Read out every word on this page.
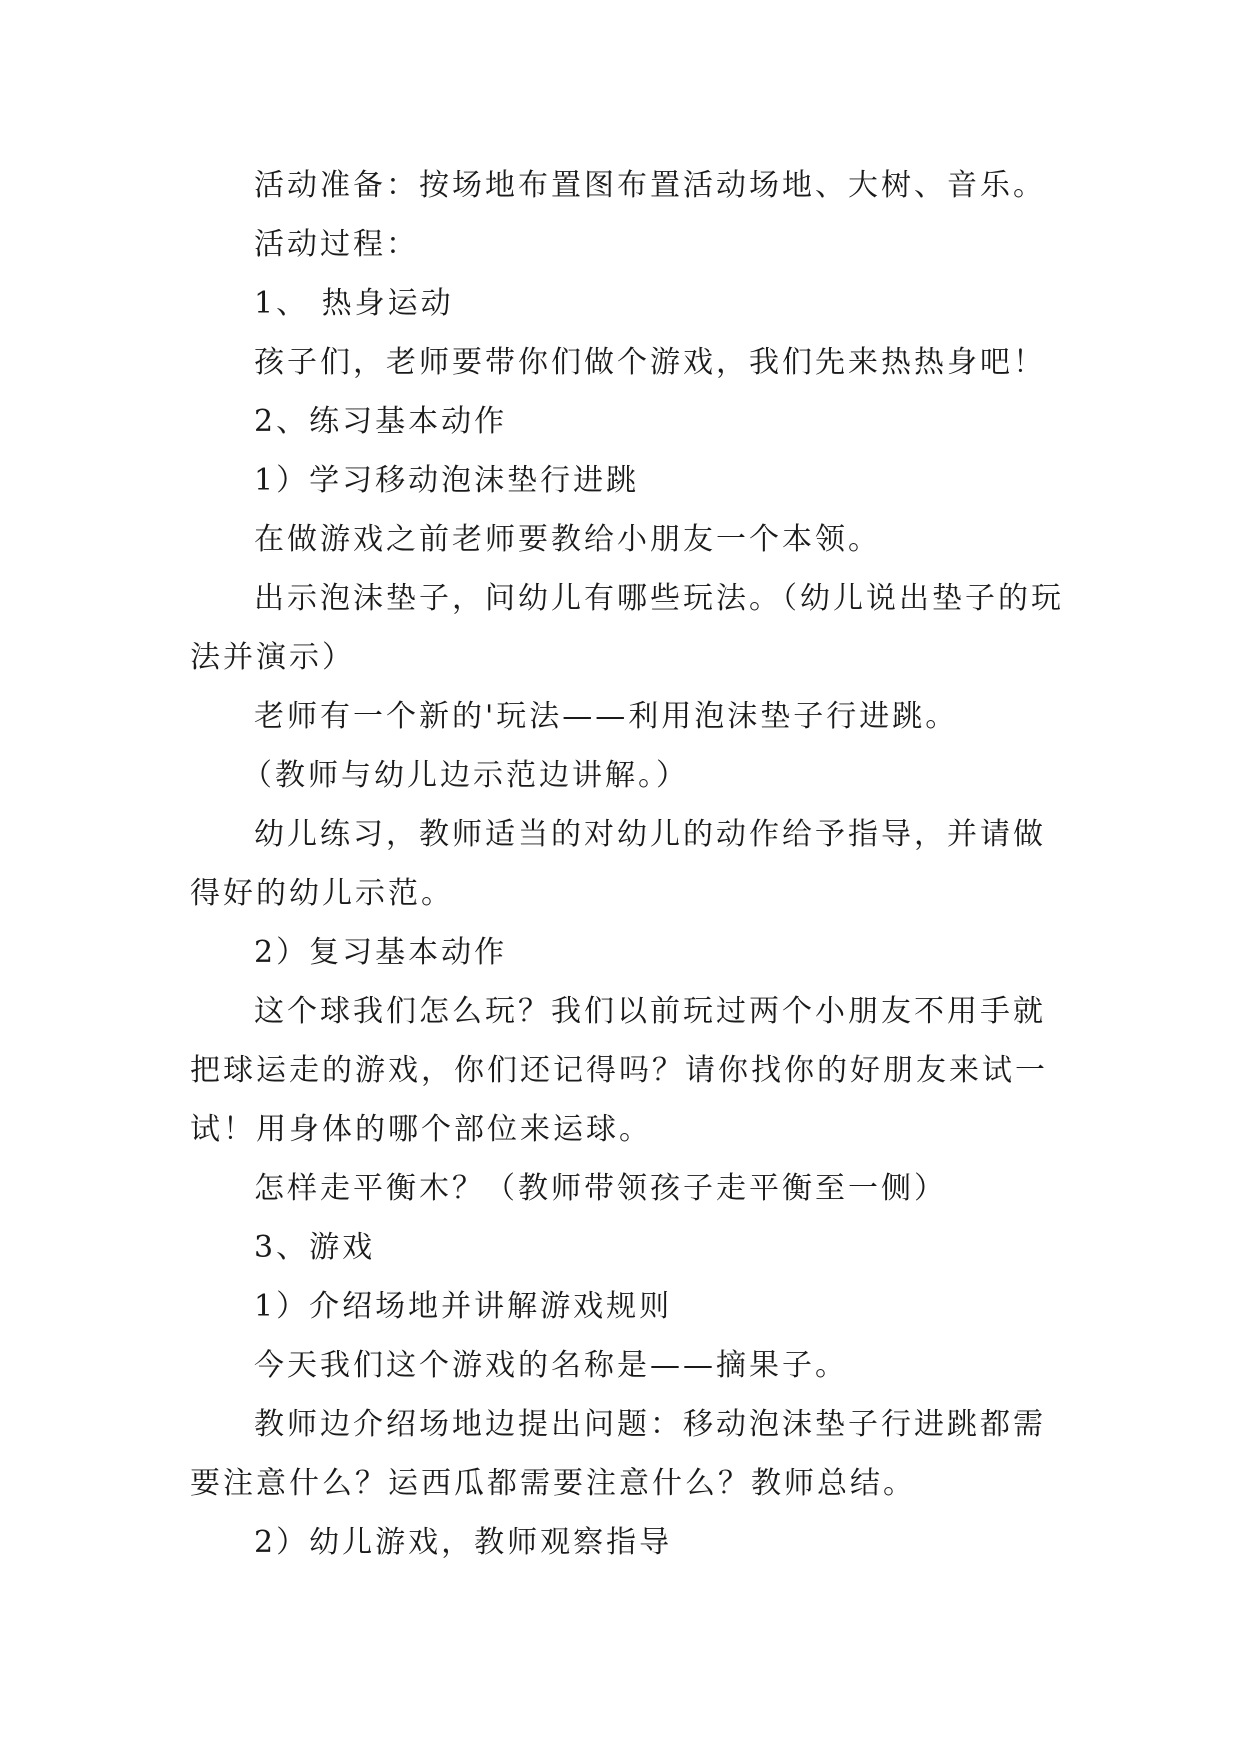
活动准备：按场地布置图布置活动场地、大树、音乐。

活动过程：

1、 热身运动

孩子们，老师要带你们做个游戏，我们先来热热身吧！

2、练习基本动作

1）学习移动泡沫垫行进跳

在做游戏之前老师要教给小朋友一个本领。

出示泡沫垫子，问幼儿有哪些玩法。（幼儿说出垫子的玩法并演示）

老师有一个新的'玩法——利用泡沫垫子行进跳。

（教师与幼儿边示范边讲解。）

幼儿练习，教师适当的对幼儿的动作给予指导，并请做得好的幼儿示范。

2）复习基本动作

这个球我们怎么玩？我们以前玩过两个小朋友不用手就把球运走的游戏，你们还记得吗？请你找你的好朋友来试一试！用身体的哪个部位来运球。

怎样走平衡木？（教师带领孩子走平衡至一侧）

3、游戏

1）介绍场地并讲解游戏规则

今天我们这个游戏的名称是——摘果子。

教师边介绍场地边提出问题：移动泡沫垫子行进跳都需要注意什么？运西瓜都需要注意什么？教师总结。

2）幼儿游戏，教师观察指导
